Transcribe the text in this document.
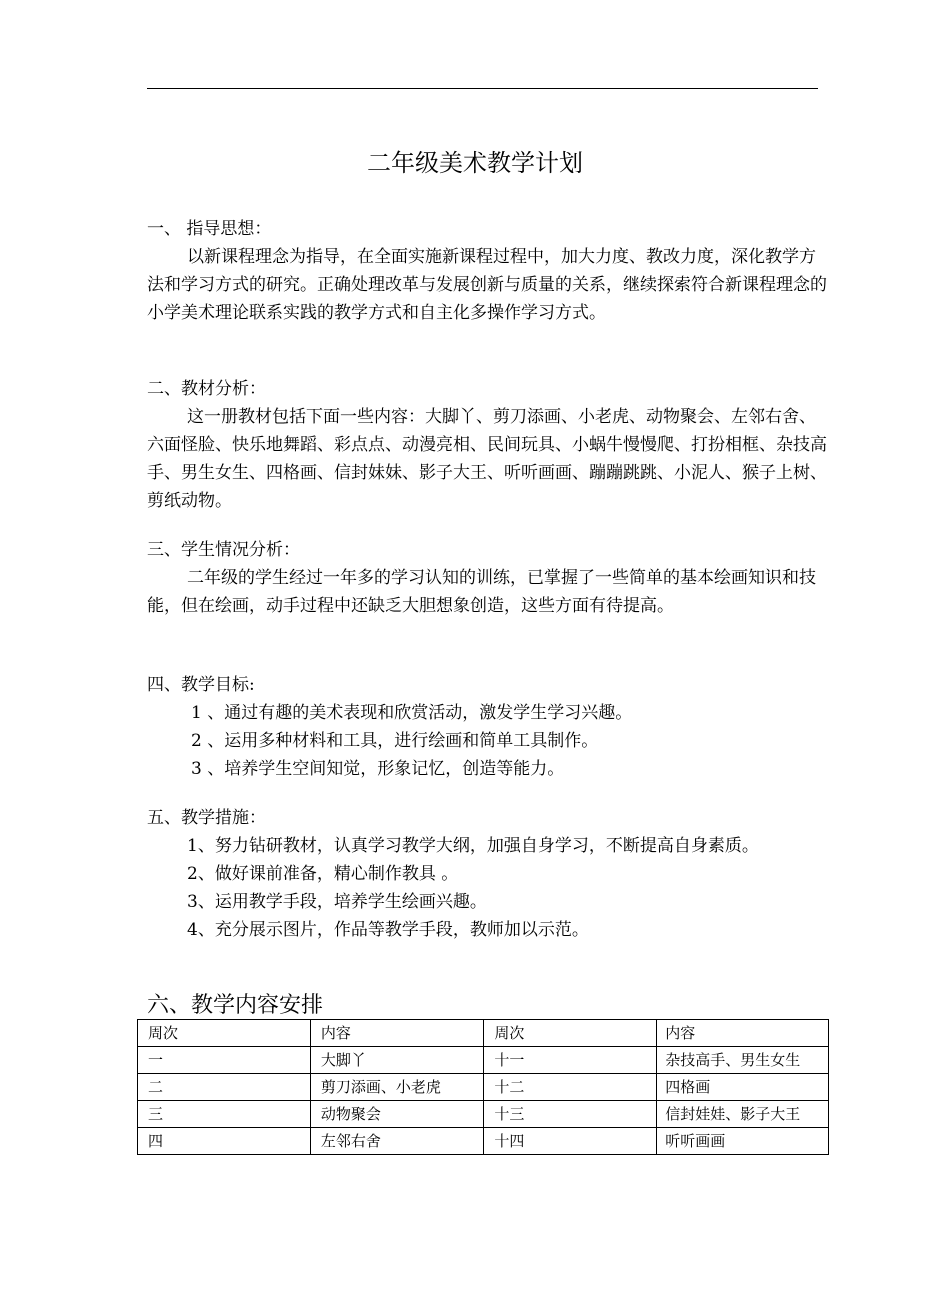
二年级美术教学计划

一、 指导思想：

以新课程理念为指导，在全面实施新课程过程中，加大力度、教改力度，深化教学方法和学习方式的研究。正确处理改革与发展创新与质量的关系，继续探索符合新课程理念的小学美术理论联系实践的教学方式和自主化多操作学习方式。

二、教材分析：

这一册教材包括下面一些内容：大脚丫、剪刀添画、小老虎、动物聚会、左邻右舍、六面怪脸、快乐地舞蹈、彩点点、动漫亮相、民间玩具、小蜗牛慢慢爬、打扮相框、杂技高手、男生女生、四格画、信封妹妹、影子大王、听听画画、蹦蹦跳跳、小泥人、猴子上树、剪纸动物。

三、学生情况分析：

二年级的学生经过一年多的学习认知的训练，已掌握了一些简单的基本绘画知识和技能，但在绘画，动手过程中还缺乏大胆想象创造，这些方面有待提高。

四、教学目标:

1 、通过有趣的美术表现和欣赏活动，激发学生学习兴趣。

2 、运用多种材料和工具，进行绘画和简单工具制作。

3 、培养学生空间知觉，形象记忆，创造等能力。

五、教学措施：

1、努力钻研教材，认真学习教学大纲，加强自身学习，不断提高自身素质。

2、做好课前准备，精心制作教具 。

3、运用教学手段，培养学生绘画兴趣。

4、充分展示图片，作品等教学手段，教师加以示范。

六、教学内容安排
周次	内容	周次	内容
一	大脚丫	十一	杂技高手、男生女生
二	剪刀添画、小老虎	十二	四格画
三	动物聚会	十三	信封娃娃、影子大王
四	左邻右舍	十四	听听画画
